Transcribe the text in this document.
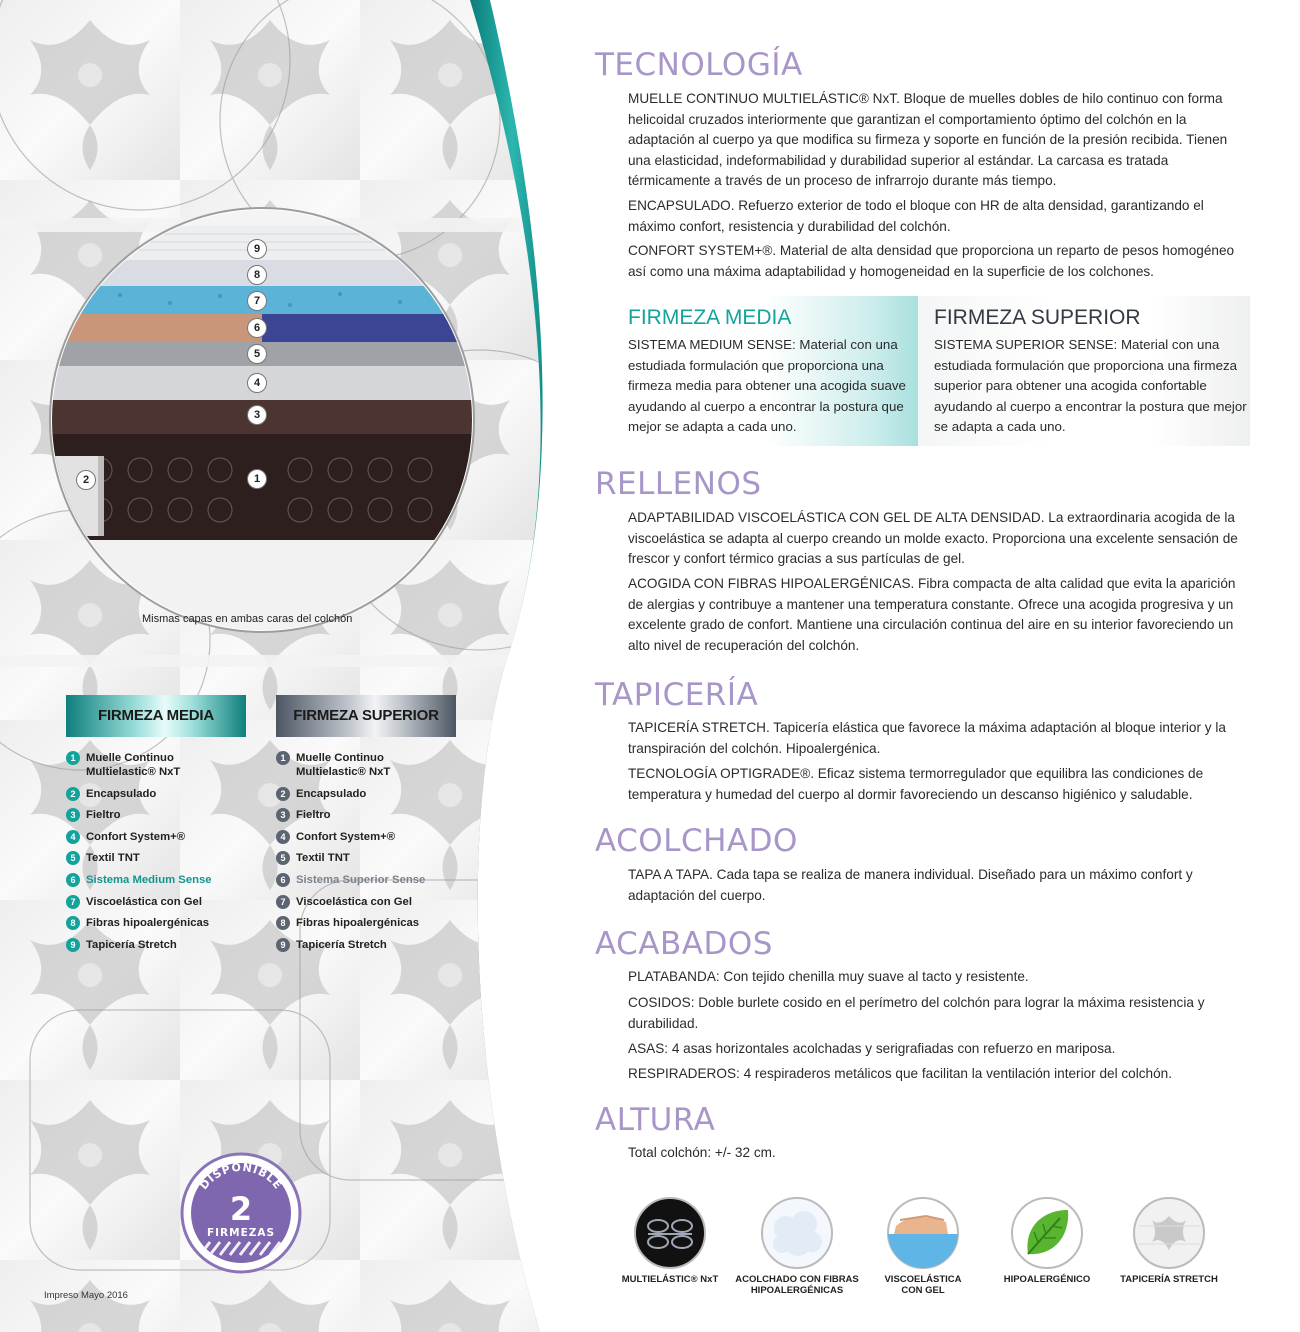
9
8
7
6
5
4
3
2	1
Mismas capas en ambas caras del colchón
FIRMEZA MEDIA
1 Muelle Continuo
Multielastic® NxT
2 Encapsulado
3 Fieltro
4 Confort System+®
5 Textil TNT
6 Sistema Medium Sense
7 Viscoelástica con Gel
8 Fibras hipoalergénicas
9 Tapicería Stretch
FIRMEZA SUPERIOR
1 Muelle Continuo
Multielastic® NxT
2 Encapsulado
3 Fieltro
4 Confort System+®
5 Textil TNT
6 Sistema Superior Sense
7 Viscoelástica con Gel
8 Fibras hipoalergénicas
9 Tapicería Stretch
DISPONIBLE
2
FIRMEZAS
Impreso Mayo 2016
TECNOLOGÍA
MUELLE CONTINUO MULTIELÁSTIC® NxT. Bloque de muelles dobles de hilo continuo con forma helicoidal cruzados interiormente que garantizan el comportamiento óptimo del colchón en la adaptación al cuerpo ya que modifica su firmeza y soporte en función de la presión recibida. Tienen una elasticidad, indeformabilidad y durabilidad superior al estándar. La carcasa es tratada térmicamente a través de un proceso de infrarrojo durante más tiempo.
ENCAPSULADO. Refuerzo exterior de todo el bloque con HR de alta densidad, garantizando el máximo confort, resistencia y durabilidad del colchón.
CONFORT SYSTEM+®. Material de alta densidad que proporciona un reparto de pesos homogéneo así como una máxima adaptabilidad y homogeneidad en la superficie de los colchones.
FIRMEZA MEDIA
SISTEMA MEDIUM SENSE: Material con una estudiada formulación que proporciona una firmeza media para obtener una acogida suave ayudando al cuerpo a encontrar la postura que mejor se adapta a cada uno.
FIRMEZA SUPERIOR
SISTEMA SUPERIOR SENSE: Material con una estudiada formulación que proporciona una firmeza superior para obtener una acogida confortable ayudando al cuerpo a encontrar la postura que mejor se adapta a cada uno.
RELLENOS
ADAPTABILIDAD VISCOELÁSTICA CON GEL DE ALTA DENSIDAD. La extraordinaria acogida de la viscoelástica se adapta al cuerpo creando un molde exacto. Proporciona una excelente sensación de frescor y confort térmico gracias a sus partículas de gel.
ACOGIDA CON FIBRAS HIPOALERGÉNICAS. Fibra compacta de alta calidad que evita la aparición de alergias y contribuye a mantener una temperatura constante. Ofrece una acogida progresiva y un excelente grado de confort. Mantiene una circulación continua del aire en su interior favoreciendo un alto nivel de recuperación del colchón.
TAPICERÍA
TAPICERÍA STRETCH. Tapicería elástica que favorece la máxima adaptación al bloque interior y la transpiración del colchón. Hipoalergénica.
TECNOLOGÍA OPTIGRADE®. Eficaz sistema termorregulador que equilibra las condiciones de temperatura y humedad del cuerpo al dormir favoreciendo un descanso higiénico y saludable.
ACOLCHADO
TAPA A TAPA. Cada tapa se realiza de manera individual. Diseñado para un máximo confort y adaptación del cuerpo.
ACABADOS
PLATABANDA: Con tejido chenilla muy suave al tacto y resistente.
COSIDOS: Doble burlete cosido en el perímetro del colchón para lograr la máxima resistencia y durabilidad.
ASAS: 4 asas horizontales acolchadas y serigrafiadas con refuerzo en mariposa.
RESPIRADEROS: 4 respiraderos metálicos que facilitan la ventilación interior del colchón.
ALTURA
Total colchón: +/- 32 cm.
MULTIELÁSTIC® NxT	ACOLCHADO CON FIBRAS
HIPOALERGÉNICAS
VISCOELÁSTICA
CON GEL
HIPOALERGÉNICO	TAPICERÍA STRETCH
